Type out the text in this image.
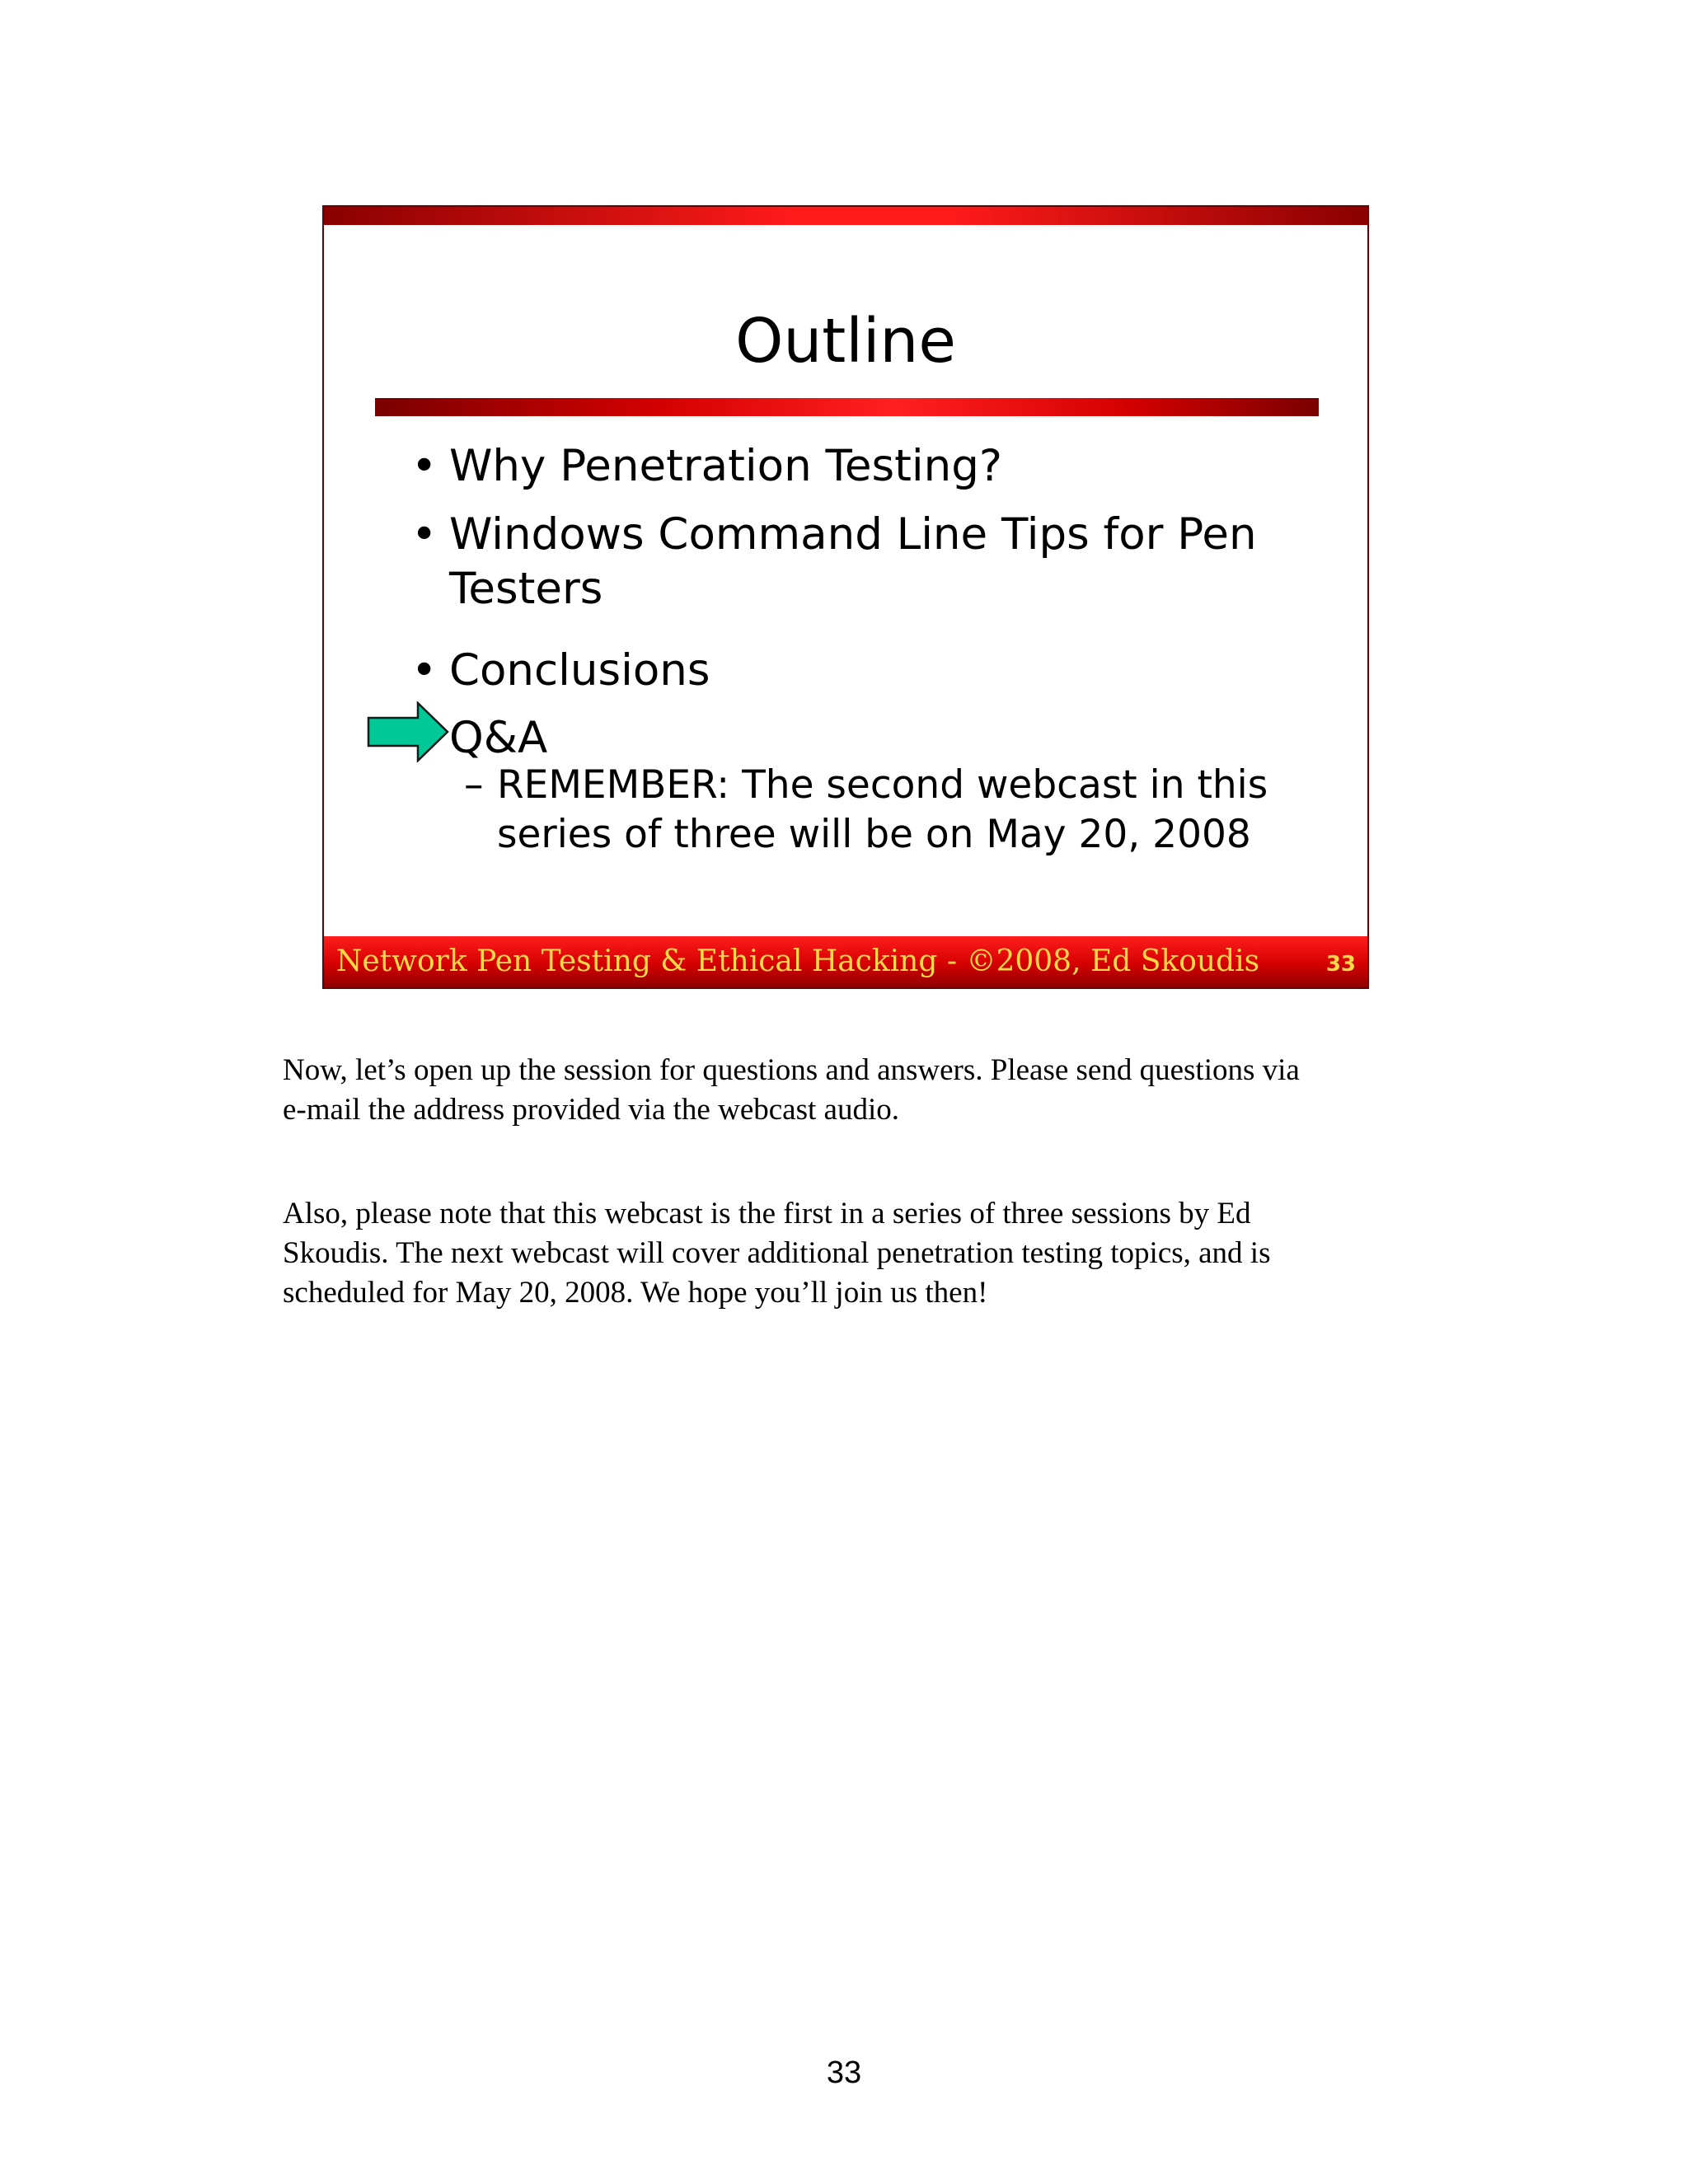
Outline
• Why Penetration Testing?
• Windows Command Line Tips for Pen
Testers
• Conclusions
Q&A
– REMEMBER: The second webcast in this
series of three will be on May 20, 2008
Network Pen Testing & Ethical Hacking - ©2008, Ed Skoudis	33

Now, let’s open up the session for questions and answers. Please send questions via
e-mail the address provided via the webcast audio.

Also, please note that this webcast is the first in a series of three sessions by Ed
Skoudis. The next webcast will cover additional penetration testing topics, and is
scheduled for May 20, 2008. We hope you’ll join us then!

33
